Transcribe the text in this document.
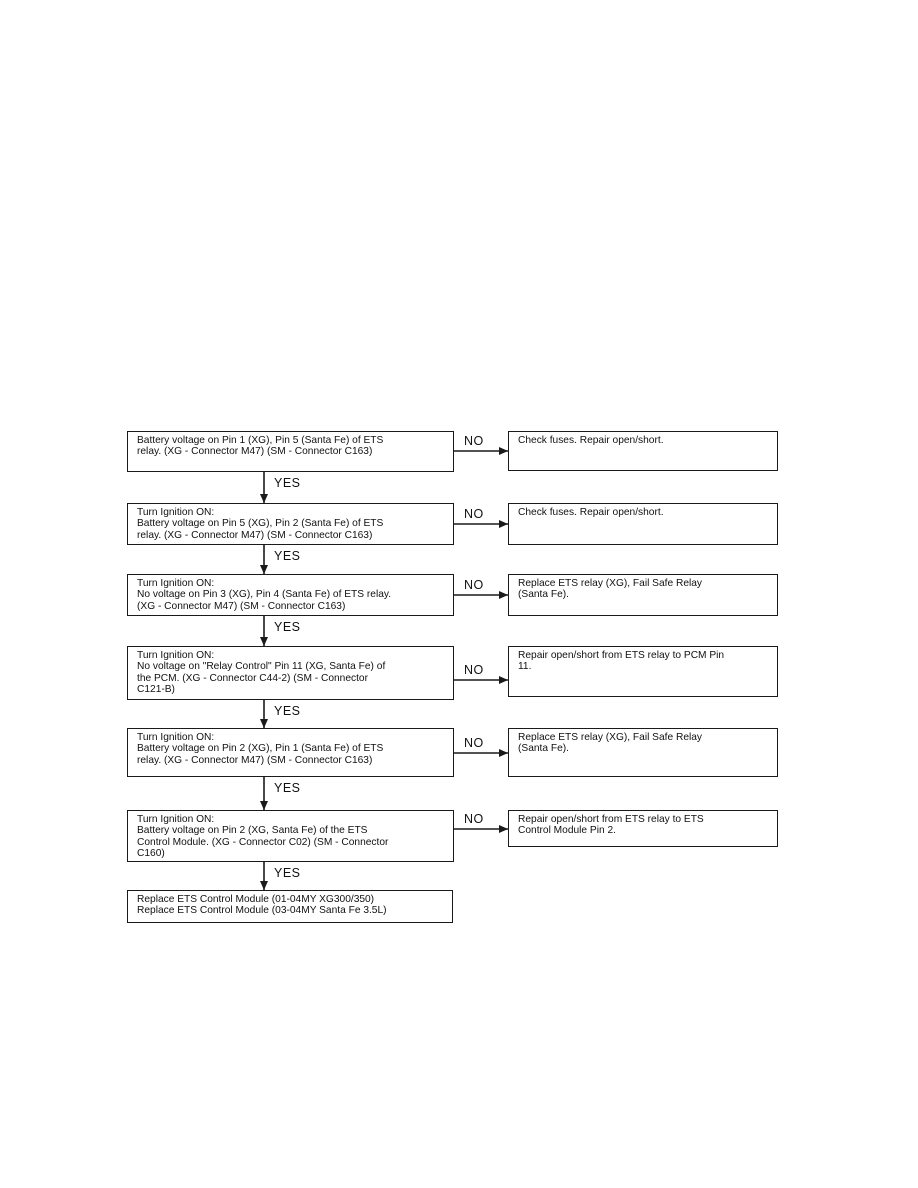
Battery voltage on Pin 1 (XG), Pin 5 (Santa Fe) of ETS
relay. (XG - Connector M47) (SM - Connector C163)
Turn Ignition ON:
Battery voltage on Pin 5 (XG), Pin 2 (Santa Fe) of ETS
relay. (XG - Connector M47) (SM - Connector C163)
Turn Ignition ON:
No voltage on Pin 3 (XG), Pin 4 (Santa Fe) of ETS relay.
(XG - Connector M47) (SM - Connector C163)
Turn Ignition ON:
No voltage on "Relay Control" Pin 11 (XG, Santa Fe) of
the PCM. (XG - Connector C44-2) (SM - Connector
C121-B)
Turn Ignition ON:
Battery voltage on Pin 2 (XG), Pin 1 (Santa Fe) of ETS
relay. (XG - Connector M47) (SM - Connector C163)
Turn Ignition ON:
Battery voltage on Pin 2 (XG, Santa Fe) of the ETS
Control Module. (XG - Connector C02) (SM - Connector
C160)
Check fuses. Repair open/short.
Check fuses. Repair open/short.
Replace ETS relay (XG), Fail Safe Relay
(Santa Fe).
Repair open/short from ETS relay to PCM Pin
11.
Replace ETS relay (XG), Fail Safe Relay
(Santa Fe).
Repair open/short from ETS relay to ETS
Control Module Pin 2.
Replace ETS Control Module (01-04MY XG300/350)
Replace ETS Control Module (03-04MY Santa Fe 3.5L)
NO
NO
NO
NO
NO
NO
YES
YES
YES
YES
YES
YES
